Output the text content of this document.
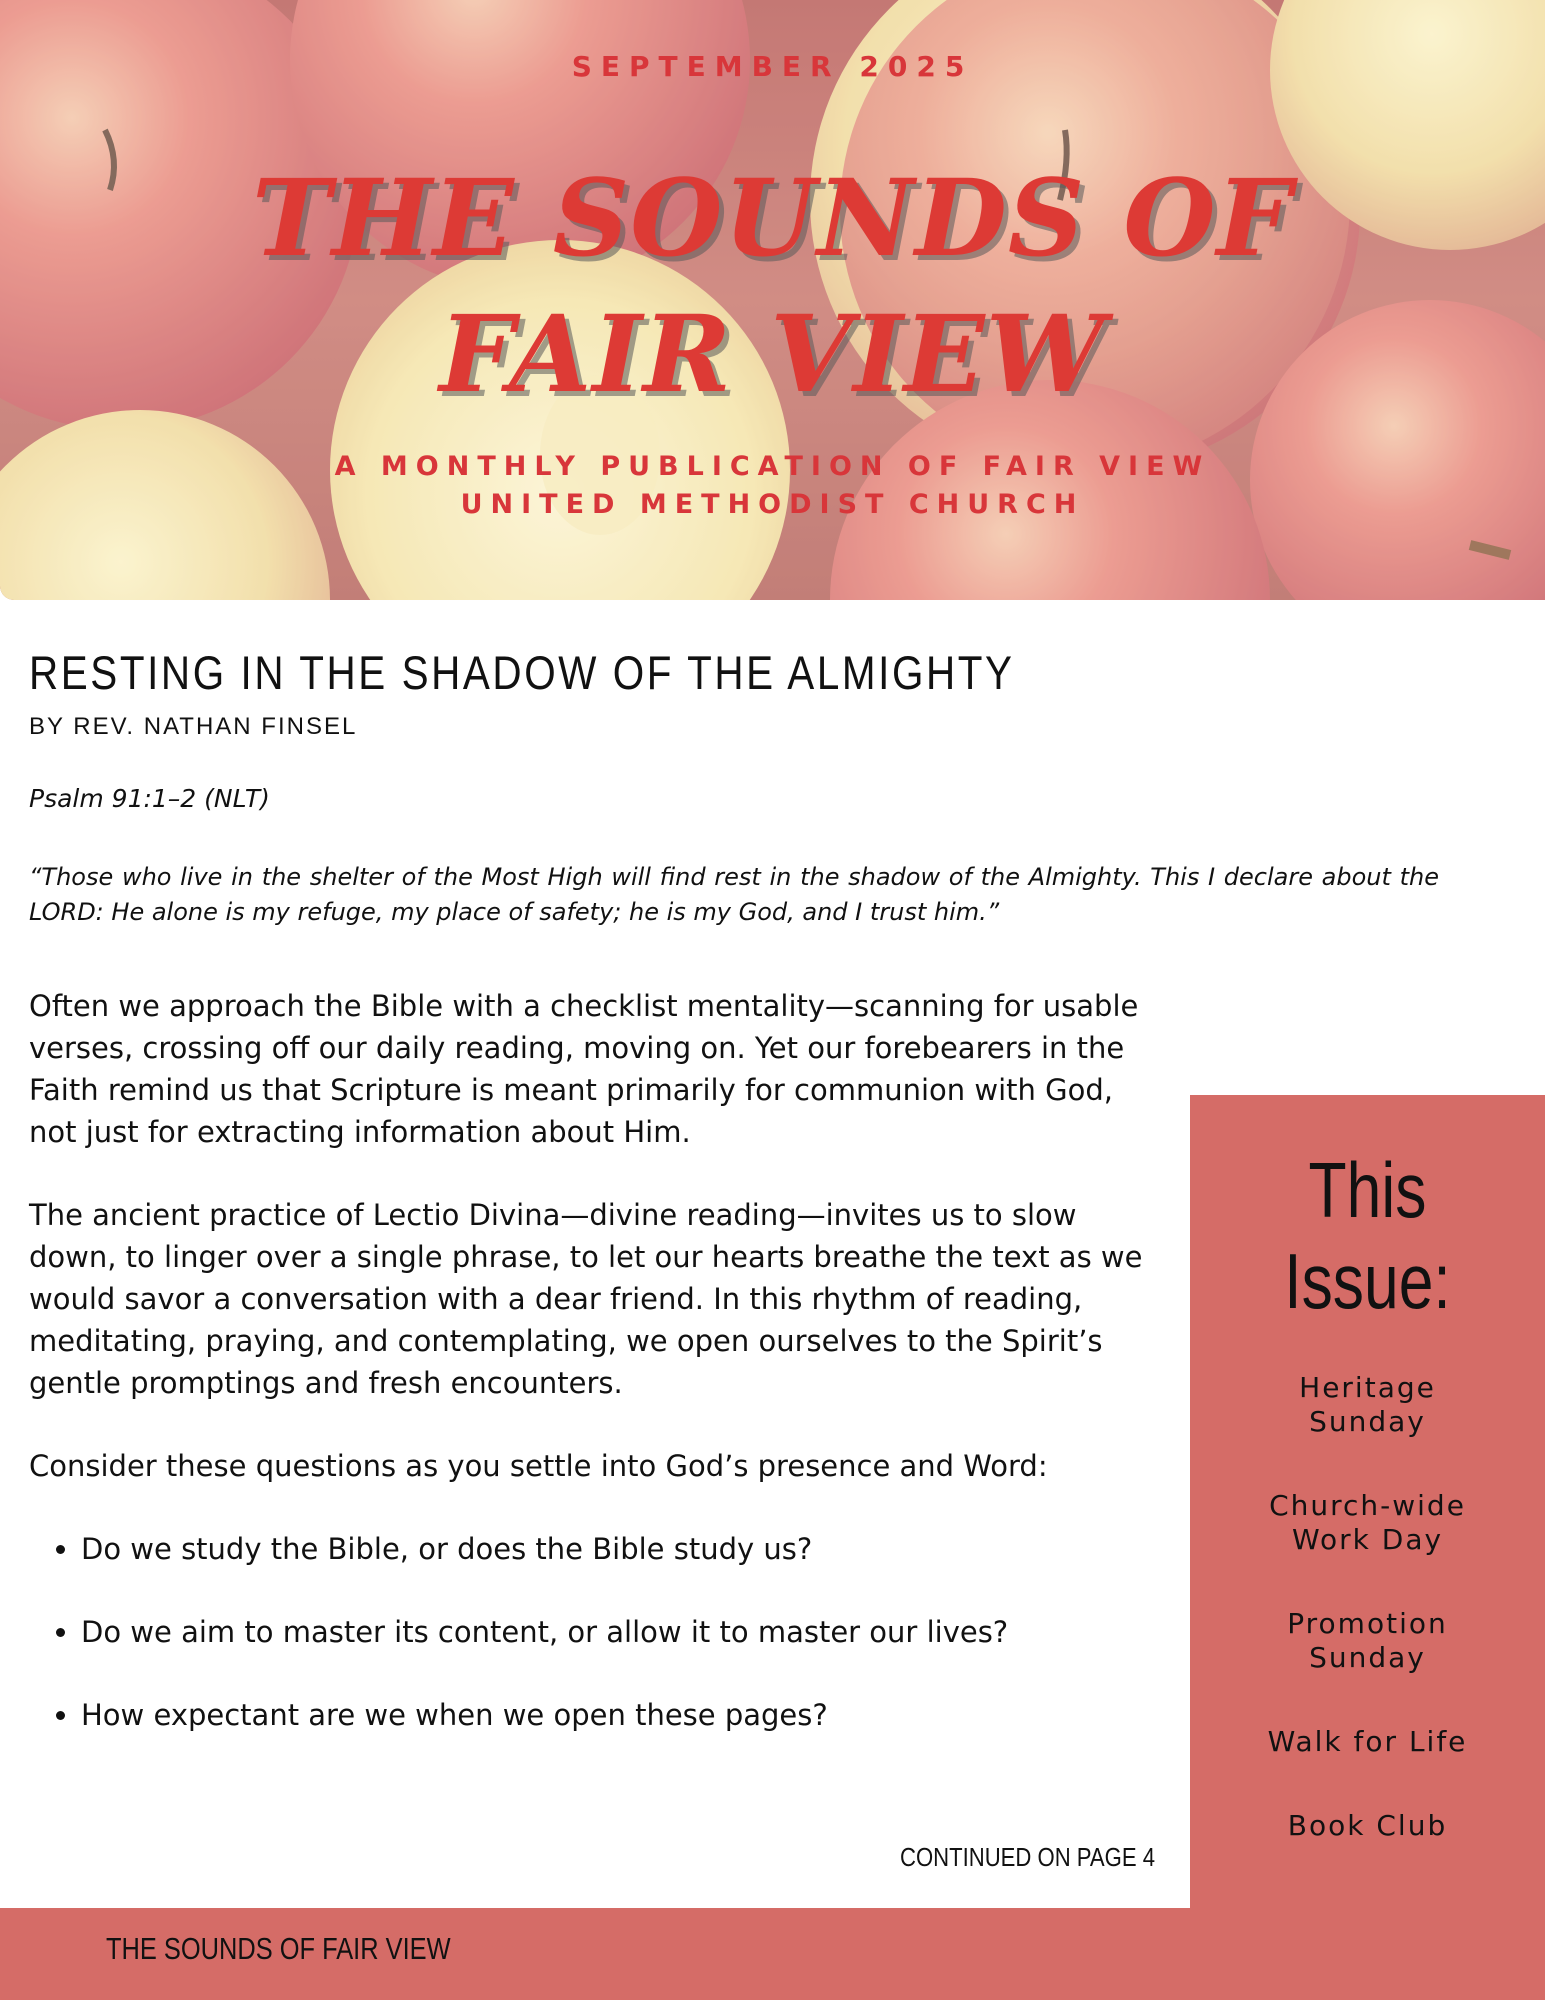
SEPTEMBER 2025
THE SOUNDS OF
FAIR VIEW
A MONTHLY PUBLICATION OF FAIR VIEW
UNITED METHODIST CHURCH
RESTING IN THE SHADOW OF THE ALMIGHTY
BY REV. NATHAN FINSEL
Psalm 91:1–2 (NLT)
“Those who live in the shelter of the Most High will find rest in the shadow of the Almighty. This I declare about the LORD: He alone is my refuge, my place of safety; he is my God, and I trust him.”

Often we approach the Bible with a checklist mentality—scanning for usable verses, crossing off our daily reading, moving on. Yet our forebearers in the Faith remind us that Scripture is meant primarily for communion with God, not just for extracting information about Him.

The ancient practice of Lectio Divina—divine reading—invites us to slow down, to linger over a single phrase, to let our hearts breathe the text as we would savor a conversation with a dear friend. In this rhythm of reading, meditating, praying, and contemplating, we open ourselves to the Spirit’s gentle promptings and fresh encounters.

Consider these questions as you settle into God’s presence and Word:

• Do we study the Bible, or does the Bible study us?
• Do we aim to master its content, or allow it to master our lives?
• How expectant are we when we open these pages?
CONTINUED ON PAGE 4
This Issue:
Heritage
Sunday
Church-wide
Work Day
Promotion
Sunday
Walk for Life
Book Club
THE SOUNDS OF FAIR VIEW
